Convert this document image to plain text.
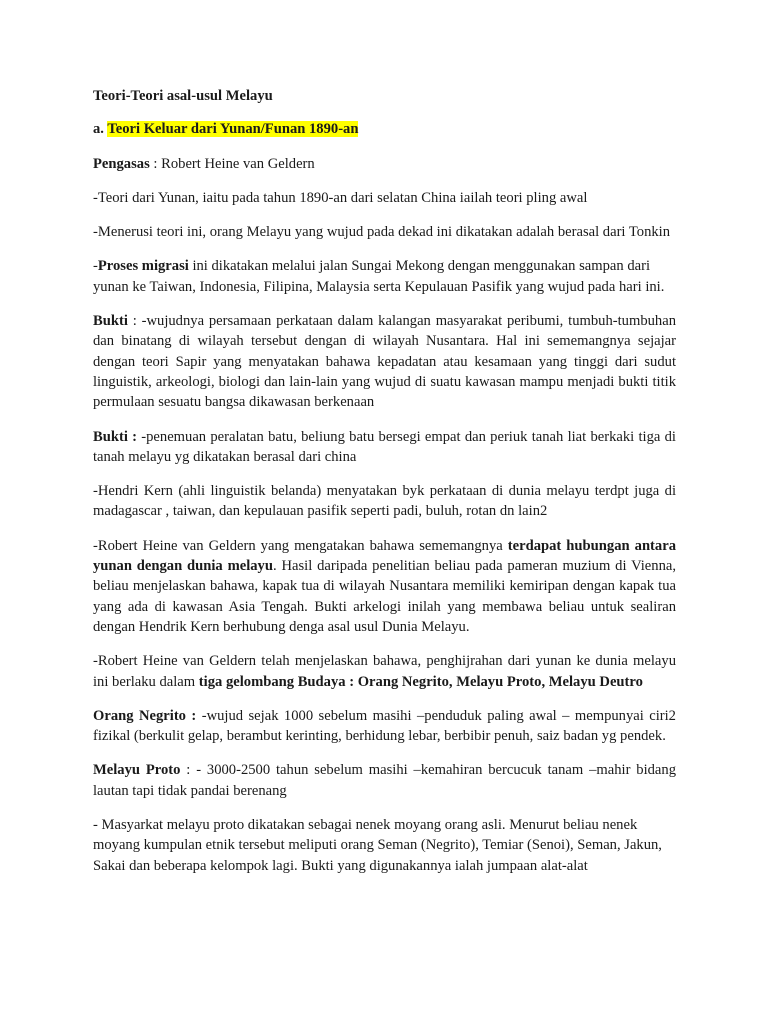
Teori-Teori asal-usul Melayu

a. Teori Keluar dari Yunan/Funan 1890-an

Pengasas : Robert Heine van Geldern

-Teori dari Yunan, iaitu pada tahun 1890-an dari selatan China iailah teori pling awal

-Menerusi teori ini, orang Melayu yang wujud pada dekad ini dikatakan adalah berasal dari Tonkin

-Proses migrasi ini dikatakan melalui jalan Sungai Mekong dengan menggunakan sampan dari yunan ke Taiwan, Indonesia, Filipina, Malaysia serta Kepulauan Pasifik yang wujud pada hari ini.

Bukti : -wujudnya persamaan perkataan dalam kalangan masyarakat peribumi, tumbuh-tumbuhan dan binatang di wilayah tersebut dengan di wilayah Nusantara. Hal ini sememangnya sejajar dengan teori Sapir yang menyatakan bahawa kepadatan atau kesamaan yang tinggi dari sudut linguistik, arkeologi, biologi dan lain-lain yang wujud di suatu kawasan mampu menjadi bukti titik permulaan sesuatu bangsa dikawasan berkenaan

Bukti : -penemuan peralatan batu, beliung batu bersegi empat dan periuk tanah liat berkaki tiga di tanah melayu yg dikatakan berasal dari china

-Hendri Kern (ahli linguistik belanda) menyatakan byk perkataan di dunia melayu terdpt juga di madagascar , taiwan, dan kepulauan pasifik seperti padi, buluh, rotan dn lain2

-Robert Heine van Geldern yang mengatakan bahawa sememangnya terdapat hubungan antara yunan dengan dunia melayu. Hasil daripada penelitian beliau pada pameran muzium di Vienna, beliau menjelaskan bahawa, kapak tua di wilayah Nusantara memiliki kemiripan dengan kapak tua yang ada di kawasan Asia Tengah. Bukti arkelogi inilah yang membawa beliau untuk sealiran dengan Hendrik Kern berhubung denga asal usul Dunia Melayu.

-Robert Heine van Geldern telah menjelaskan bahawa, penghijrahan dari yunan ke dunia melayu ini berlaku dalam tiga gelombang Budaya : Orang Negrito, Melayu Proto, Melayu Deutro

Orang Negrito : -wujud sejak 1000 sebelum masihi –penduduk paling awal – mempunyai ciri2 fizikal (berkulit gelap, berambut kerinting, berhidung lebar, berbibir penuh, saiz badan yg pendek.

Melayu Proto : - 3000-2500 tahun sebelum masihi –kemahiran bercucuk tanam –mahir bidang lautan tapi tidak pandai berenang

- Masyarkat melayu proto dikatakan sebagai nenek moyang orang asli. Menurut beliau nenek moyang kumpulan etnik tersebut meliputi orang Seman (Negrito), Temiar (Senoi), Seman, Jakun, Sakai dan beberapa kelompok lagi. Bukti yang digunakannya ialah jumpaan alat-alat
